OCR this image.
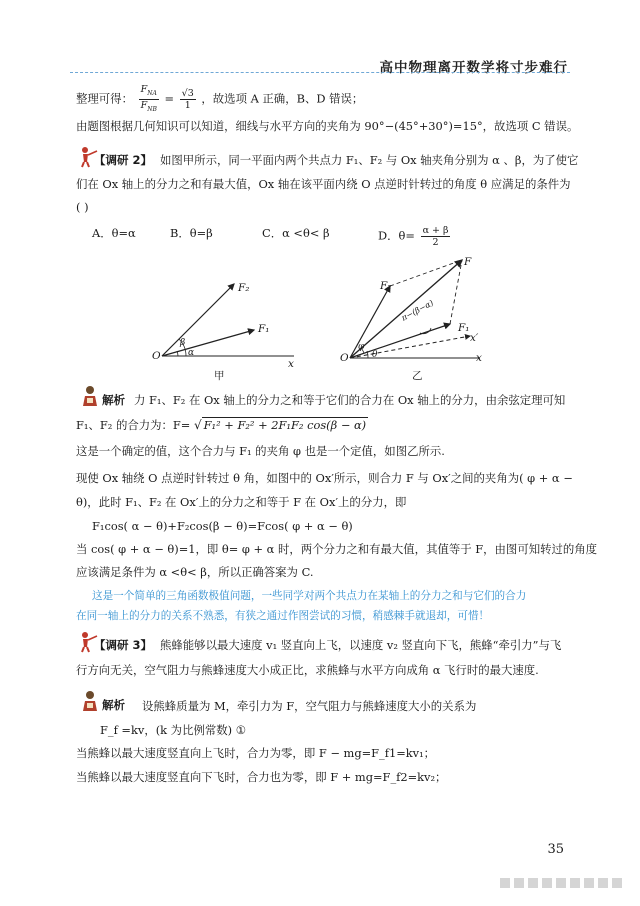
高中物理离开数学将寸步难行
整理可得： $\frac{F_{NA}}{F_{NB}} = \frac{√3}{1}$ ，故选项 A 正确，B、D 错误；
由题图根据几何知识可以知道，细线与水平方向的夹角为 90°−(45°+30°)=15°，故选项 C 错误。
【调研 2】 如图甲所示，同一平面内两个共点力 F₁、F₂ 与 Ox 轴夹角分别为 α 、β，为了使它
们在 Ox 轴上的分力之和有最大值，Ox 轴在该平面内绕 O 点逆时针转过的角度 θ 应满足的条件为
( )
A．θ=α	B．θ=β	C．α <θ< β	D．$\theta= \frac{\alpha + \beta}{2}$
O
x
F₂
F₁
β
α
甲
O	x
x′
F
F₂
F₁
π−(β−α)
θ
φ
乙
解析 力 F₁、F₂ 在 Ox 轴上的分力之和等于它们的合力在 Ox 轴上的分力，由余弦定理可知
F₁、F₂ 的合力为：F= √ F₁² + F₂² + 2F₁F₂ cos(β − α)
这是一个确定的值，这个合力与 F₁ 的夹角 φ 也是一个定值，如图乙所示.
现使 Ox 轴绕 O 点逆时针转过 θ 角，如图中的 Ox′所示，则合力 F 与 Ox′之间的夹角为( φ + α −
θ)，此时 F₁、F₂ 在 Ox′上的分力之和等于 F 在 Ox′上的分力，即
F₁cos( α − θ)+F₂cos(β − θ)=Fcos( φ + α − θ)
当 cos( φ + α − θ)=1，即 θ= φ + α 时，两个分力之和有最大值，其值等于 F，由图可知转过的角度
应该满足条件为 α <θ< β，所以正确答案为 C.
这是一个简单的三角函数极值问题，一些同学对两个共点力在某轴上的分力之和与它们的合力
在同一轴上的分力的关系不熟悉，有狭之通过作图尝试的习惯，稍感棘手就退却，可惜！
【调研 3】 熊蜂能够以最大速度 v₁ 竖直向上飞，以速度 v₂ 竖直向下飞，熊蜂“牵引力”与飞
行方向无关，空气阻力与熊蜂速度大小成正比，求熊蜂与水平方向成角 α 飞行时的最大速度.
解析 设熊蜂质量为 M，牵引力为 F，空气阻力与熊蜂速度大小的关系为
F_f =kv，(k 为比例常数) ①
当熊蜂以最大速度竖直向上飞时，合力为零，即 F − mg=F_f1=kv₁；
当熊蜂以最大速度竖直向下飞时，合力也为零，即 F + mg=F_f2=kv₂；
35
